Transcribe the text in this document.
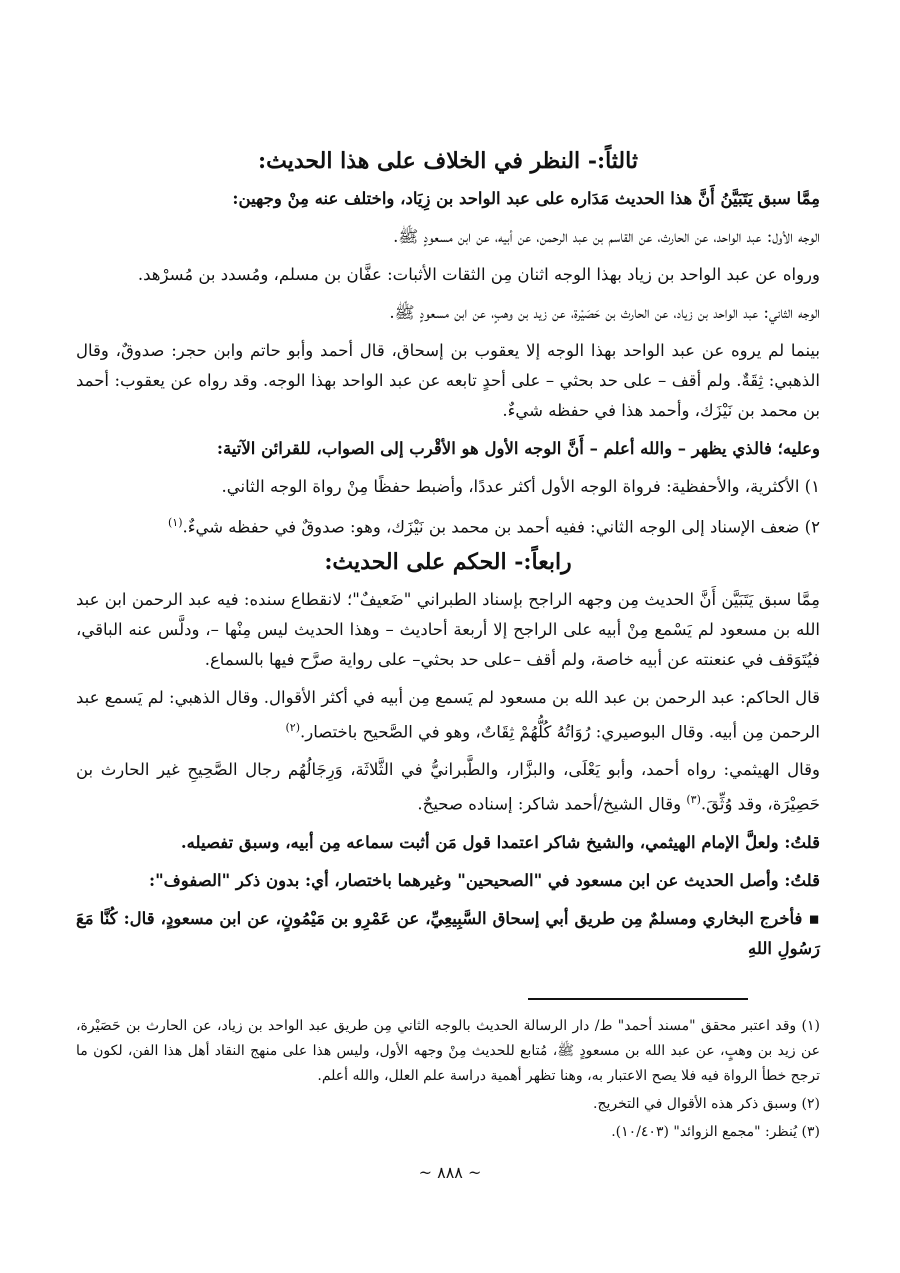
ثالثاً:- النظر في الخلاف على هذا الحديث:

مِمَّا سبق يَتَبَيَّنُ أَنَّ هذا الحديث مَدَاره على عبد الواحد بن زِيَاد، واختلف عنه مِنْ وجهين:

الوجه الأول: عبد الواحد، عن الحارث، عن القاسم بن عبد الرحمن، عن أبيه، عن ابن مسعودٍ ﷺ.

ورواه عن عبد الواحد بن زياد بهذا الوجه اثنان مِن الثقات الأثبات: عفَّان بن مسلم، ومُسدد بن مُسرْهد.

الوجه الثاني: عبد الواحد بن زياد، عن الحارث بن حَصَيْرة، عن زيد بن وهبٍ، عن ابن مسعودٍ ﷺ.

بينما لم يروه عن عبد الواحد بهذا الوجه إلا يعقوب بن إسحاق، قال أحمد وأبو حاتم وابن حجر: صدوقٌ، وقال الذهبي: ثِقَةٌ. ولم أقف – على حد بحثي – على أحدٍ تابعه عن عبد الواحد بهذا الوجه. وقد رواه عن يعقوب: أحمد بن محمد بن نَيْزَك، وأحمد هذا في حفظه شيءٌ.

وعليه؛ فالذي يظهر – والله أعلم – أَنَّ الوجه الأول هو الأقْرب إلى الصواب، للقرائن الآتية:

١) الأكثرية، والأحفظية: فرواة الوجه الأول أكثر عددًا، وأضبط حفظًا مِنْ رواة الوجه الثاني.
٢) ضعف الإسناد إلى الوجه الثاني: ففيه أحمد بن محمد بن نَيْزَك، وهو: صدوقٌ في حفظه شيءٌ.$^{(١)}$
رابعاً:- الحكم على الحديث:

مِمَّا سبق يَتَبَيَّن أَنَّ الحديث مِن وجهه الراجح بإسناد الطبراني "ضَعيفٌ"؛ لانقطاع سنده: فيه عبد الرحمن ابن عبد الله بن مسعود لم يَسْمع مِنْ أبيه على الراجح إلا أربعة أحاديث – وهذا الحديث ليس مِنْها –، ودلَّس عنه الباقي، فيُتَوَقف في عنعنته عن أبيه خاصة، ولم أقف –على حد بحثي– على رواية صرَّح فيها بالسماع.

قال الحاكم: عبد الرحمن بن عبد الله بن مسعود لم يَسمع مِن أبيه في أكثر الأقوال. وقال الذهبي: لم يَسمع عبد الرحمن مِن أبيه. وقال البوصيري: رُوَاتُهُ كُلُّهُمْ ثِقَاتٌ، وهو في الصَّحيح باختصار.$^{(٢)}$

وقال الهيثمي: رواه أحمد، وأبو يَعْلَى، والبزَّار، والطَّبرانيُّ في الثَّلاثَة، وَرِجَالُهُم رجال الصَّحِيحِ غير الحارث بن حَصِيْرَة، وقد وُثِّقَ.$^{(٣)}$ وقال الشيخ/أحمد شاكر: إسناده صحيحٌ.

قلتُ: ولعلَّ الإمام الهيثمي، والشيخ شاكر اعتمدا قول مَن أثبت سماعه مِن أبيه، وسبق تفصيله.

قلتُ: وأصل الحديث عن ابن مسعود في "الصحيحين" وغيرهما باختصار، أي: بدون ذكر "الصفوف":

▪ فأخرج البخاري ومسلمٌ مِن طريق أبي إسحاق السَّبِيعِيِّ، عن عَمْرِو بن مَيْمُونٍ، عن ابن مسعودٍ، قال: كُنَّا مَعَ رَسُولِ اللهِ

(١) وقد اعتبر محقق "مسند أحمد" ط/ دار الرسالة الحديث بالوجه الثاني مِن طريق عبد الواحد بن زياد، عن الحارث بن حَصَيْرة، عن زيد بن وهبٍ، عن عبد الله بن مسعودٍ ﷺ، مُتابع للحديث مِنْ وجهه الأول، وليس هذا على منهج النقاد أهل هذا الفن، لكون ما ترجح خطأ الرواة فيه فلا يصح الاعتبار به، وهنا تظهر أهمية دراسة علم العلل، والله أعلم.

(٢) وسبق ذكر هذه الأقوال في التخريج.

(٣) يُنظر: "مجمع الزوائد" (١٠/٤٠٣).

~ ٨٨٨ ~
